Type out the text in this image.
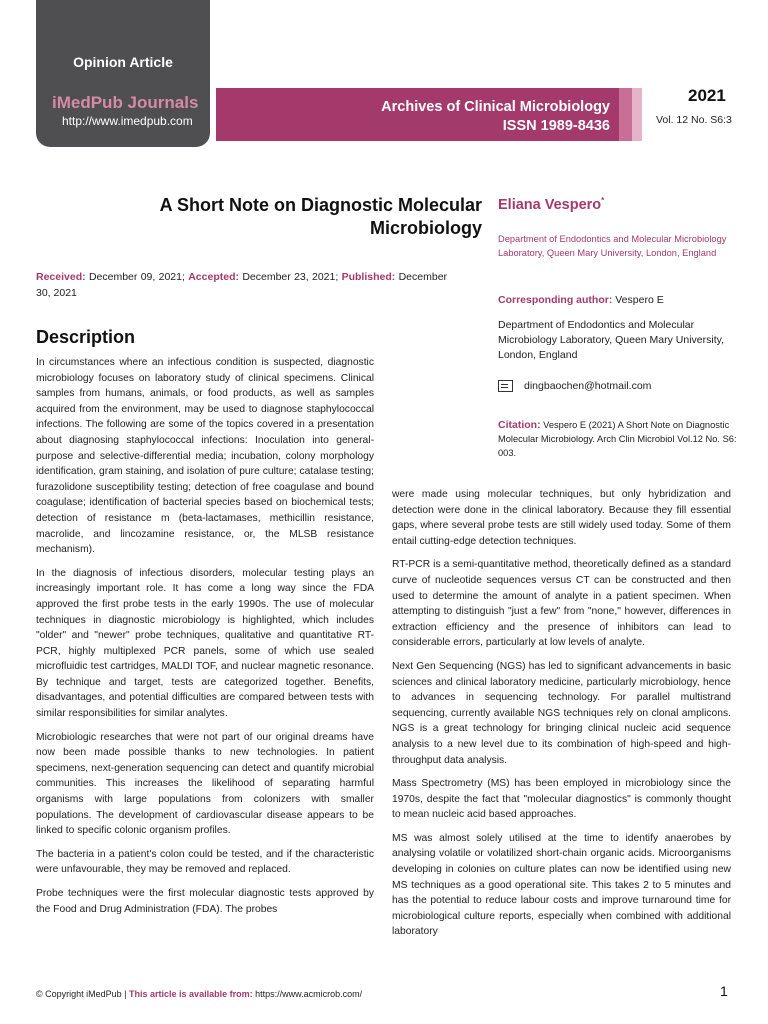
Opinion Article
iMedPub Journals
http://www.imedpub.com
Archives of Clinical Microbiology
ISSN 1989-8436
2021
Vol. 12 No. S6:3
A Short Note on Diagnostic Molecular Microbiology
Received: December 09, 2021; Accepted: December 23, 2021; Published: December 30, 2021
Description

In circumstances where an infectious condition is suspected, diagnostic microbiology focuses on laboratory study of clinical specimens. Clinical samples from humans, animals, or food products, as well as samples acquired from the environment, may be used to diagnose staphylococcal infections. The following are some of the topics covered in a presentation about diagnosing staphylococcal infections: Inoculation into general-purpose and selective-differential media; incubation, colony morphology identification, gram staining, and isolation of pure culture; catalase testing; furazolidone susceptibility testing; detection of free coagulase and bound coagulase; identification of bacterial species based on biochemical tests; detection of resistance m (beta-lactamases, methicillin resistance, macrolide, and lincozamine resistance, or, the MLSB resistance mechanism).

In the diagnosis of infectious disorders, molecular testing plays an increasingly important role. It has come a long way since the FDA approved the first probe tests in the early 1990s. The use of molecular techniques in diagnostic microbiology is highlighted, which includes "older" and "newer" probe techniques, qualitative and quantitative RT-PCR, highly multiplexed PCR panels, some of which use sealed microfluidic test cartridges, MALDI TOF, and nuclear magnetic resonance. By technique and target, tests are categorized together. Benefits, disadvantages, and potential difficulties are compared between tests with similar responsibilities for similar analytes.

Microbiologic researches that were not part of our original dreams have now been made possible thanks to new technologies. In patient specimens, next-generation sequencing can detect and quantify microbial communities. This increases the likelihood of separating harmful organisms with large populations from colonizers with smaller populations. The development of cardiovascular disease appears to be linked to specific colonic organism profiles.

The bacteria in a patient's colon could be tested, and if the characteristic were unfavourable, they may be removed and replaced.

Probe techniques were the first molecular diagnostic tests approved by the Food and Drug Administration (FDA). The probes

Eliana Vespero*
Department of Endodontics and Molecular Microbiology Laboratory, Queen Mary University, London, England
Corresponding author: Vespero E
Department of Endodontics and Molecular Microbiology Laboratory, Queen Mary University, London, England
dingbaochen@hotmail.com
Citation: Vespero E (2021) A Short Note on Diagnostic Molecular Microbiology. Arch Clin Microbiol Vol.12 No. S6: 003.

were made using molecular techniques, but only hybridization and detection were done in the clinical laboratory. Because they fill essential gaps, where several probe tests are still widely used today. Some of them entail cutting-edge detection techniques.

RT-PCR is a semi-quantitative method, theoretically defined as a standard curve of nucleotide sequences versus CT can be constructed and then used to determine the amount of analyte in a patient specimen. When attempting to distinguish "just a few" from "none," however, differences in extraction efficiency and the presence of inhibitors can lead to considerable errors, particularly at low levels of analyte.

Next Gen Sequencing (NGS) has led to significant advancements in basic sciences and clinical laboratory medicine, particularly microbiology, hence to advances in sequencing technology. For parallel multistrand sequencing, currently available NGS techniques rely on clonal amplicons. NGS is a great technology for bringing clinical nucleic acid sequence analysis to a new level due to its combination of high-speed and high-throughput data analysis.

Mass Spectrometry (MS) has been employed in microbiology since the 1970s, despite the fact that "molecular diagnostics" is commonly thought to mean nucleic acid based approaches.

MS was almost solely utilised at the time to identify anaerobes by analysing volatile or volatilized short-chain organic acids. Microorganisms developing in colonies on culture plates can now be identified using new MS techniques as a good operational site. This takes 2 to 5 minutes and has the potential to reduce labour costs and improve turnaround time for microbiological culture reports, especially when combined with additional laboratory

© Copyright iMedPub | This article is available from: https://www.acmicrob.com/	1
